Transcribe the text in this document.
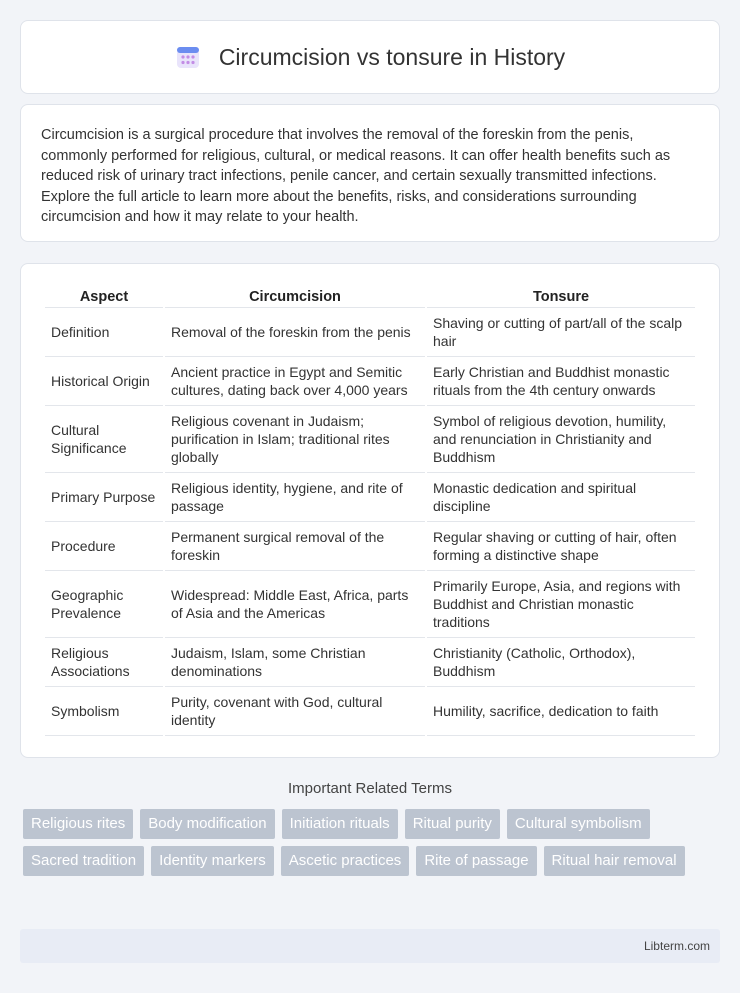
Circumcision vs tonsure in History

Circumcision is a surgical procedure that involves the removal of the foreskin from the penis, commonly performed for religious, cultural, or medical reasons. It can offer health benefits such as reduced risk of urinary tract infections, penile cancer, and certain sexually transmitted infections. Explore the full article to learn more about the benefits, risks, and considerations surrounding circumcision and how it may relate to your health.

Aspect	Circumcision	Tonsure
Definition	Removal of the foreskin from the penis	Shaving or cutting of part/all of the scalp hair
Historical Origin	Ancient practice in Egypt and Semitic cultures, dating back over 4,000 years	Early Christian and Buddhist monastic rituals from the 4th century onwards
Cultural Significance	Religious covenant in Judaism; purification in Islam; traditional rites globally	Symbol of religious devotion, humility, and renunciation in Christianity and Buddhism
Primary Purpose	Religious identity, hygiene, and rite of passage	Monastic dedication and spiritual discipline
Procedure	Permanent surgical removal of the foreskin	Regular shaving or cutting of hair, often forming a distinctive shape
Geographic Prevalence	Widespread: Middle East, Africa, parts of Asia and the Americas	Primarily Europe, Asia, and regions with Buddhist and Christian monastic traditions
Religious Associations	Judaism, Islam, some Christian denominations	Christianity (Catholic, Orthodox), Buddhism
Symbolism	Purity, covenant with God, cultural identity	Humility, sacrifice, dedication to faith
Important Related Terms
Religious rites	Body modification	Initiation rituals	Ritual purity	Cultural symbolism
Sacred tradition	Identity markers	Ascetic practices	Rite of passage	Ritual hair removal
Libterm.com
